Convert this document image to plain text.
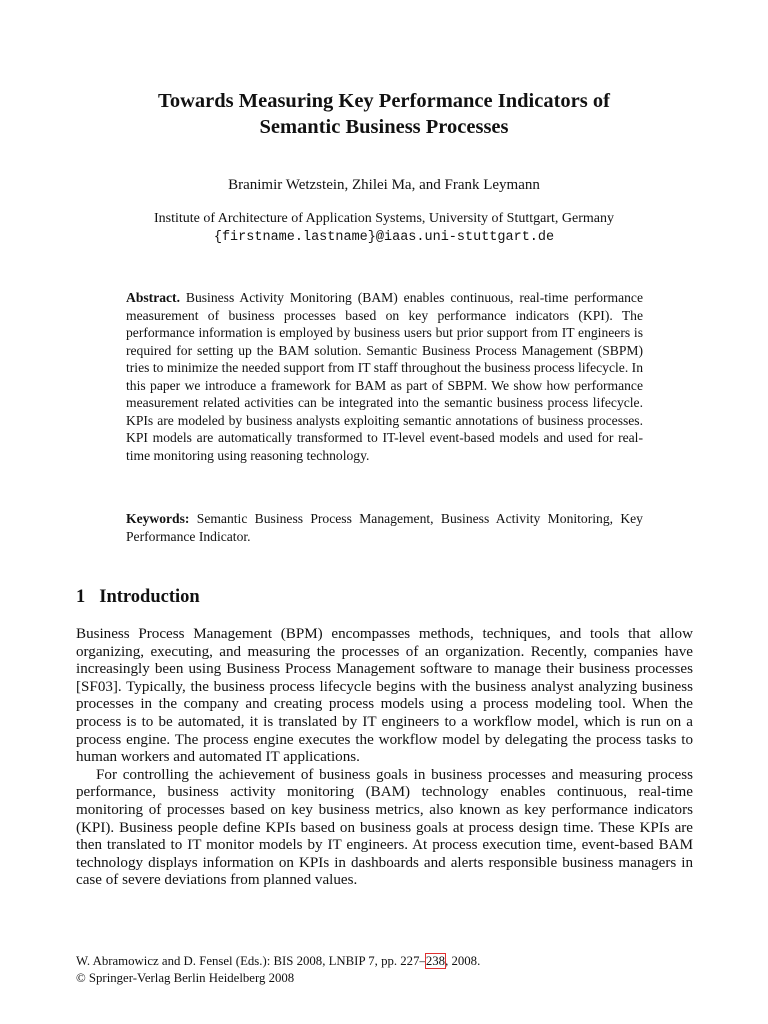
Towards Measuring Key Performance Indicators of
Semantic Business Processes
Branimir Wetzstein, Zhilei Ma, and Frank Leymann
Institute of Architecture of Application Systems, University of Stuttgart, Germany
{firstname.lastname}@iaas.uni-stuttgart.de

Abstract. Business Activity Monitoring (BAM) enables continuous, real-time performance measurement of business processes based on key performance indicators (KPI). The performance information is employed by business users but prior support from IT engineers is required for setting up the BAM solution. Semantic Business Process Management (SBPM) tries to minimize the needed support from IT staff throughout the business process lifecycle. In this paper we introduce a framework for BAM as part of SBPM. We show how performance measurement related activities can be integrated into the semantic business process lifecycle. KPIs are modeled by business analysts exploiting semantic annotations of business processes. KPI models are automatically transformed to IT-level event-based models and used for real-time monitoring using reasoning technology.

Keywords: Semantic Business Process Management, Business Activity Monitoring, Key Performance Indicator.
1 Introduction

Business Process Management (BPM) encompasses methods, techniques, and tools that allow organizing, executing, and measuring the processes of an organization. Recently, companies have increasingly been using Business Process Management software to manage their business processes [SF03]. Typically, the business process lifecycle begins with the business analyst analyzing business processes in the company and creating process models using a process modeling tool. When the process is to be automated, it is translated by IT engineers to a workflow model, which is run on a process engine. The process engine executes the workflow model by delegating the process tasks to human workers and automated IT applications.

For controlling the achievement of business goals in business processes and measuring process performance, business activity monitoring (BAM) technology enables continuous, real-time monitoring of processes based on key business metrics, also known as key performance indicators (KPI). Business people define KPIs based on business goals at process design time. These KPIs are then translated to IT monitor models by IT engineers. At process execution time, event-based BAM technology displays information on KPIs in dashboards and alerts responsible business managers in case of severe deviations from planned values.

W. Abramowicz and D. Fensel (Eds.): BIS 2008, LNBIP 7, pp. 227–238, 2008.
© Springer-Verlag Berlin Heidelberg 2008
